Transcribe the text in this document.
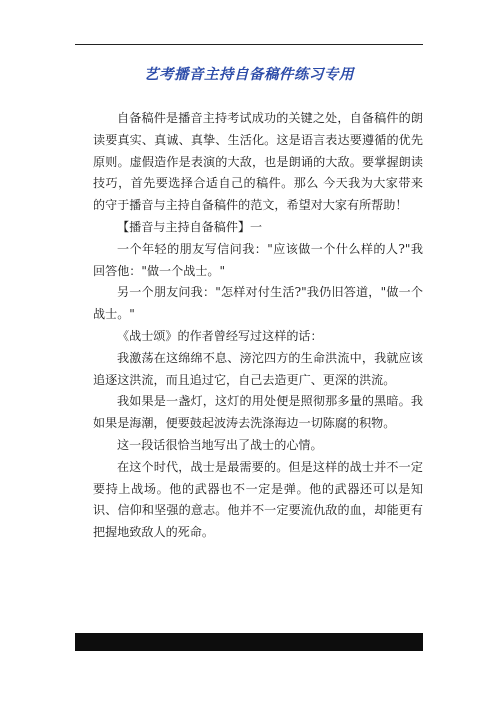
艺考播音主持自备稿件练习专用

自备稿件是播音主持考试成功的关键之处，自备稿件的朗读要真实、真诚、真挚、生活化。这是语言表达要遵循的优先原则。虚假造作是表演的大敌，也是朗诵的大敌。要掌握朗读技巧，首先要选择合适自己的稿件。那么 今天我为大家带来的守于播音与主持自备稿件的范文，希望对大家有所帮助！

【播音与主持自备稿件】一

一个年轻的朋友写信问我："应该做一个什么样的人?"我回答他："做一个战士。"

另一个朋友问我："怎样对付生活?"我仍旧答道，"做一个战士。"

《战士颂》的作者曾经写过这样的话：

我激荡在这绵绵不息、滂沱四方的生命洪流中，我就应该追逐这洪流，而且追过它，自己去造更广、更深的洪流。

我如果是一盏灯，这灯的用处便是照彻那多量的黑暗。我如果是海潮，便要鼓起波涛去洗涤海边一切陈腐的积物。

这一段话很恰当地写出了战士的心情。

在这个时代，战士是最需要的。但是这样的战士并不一定要持上战场。他的武器也不一定是弹。他的武器还可以是知识、信仰和坚强的意志。他并不一定要流仇敌的血，却能更有把握地致敌人的死命。

第 页码 页    /    总页数 总页数  页
